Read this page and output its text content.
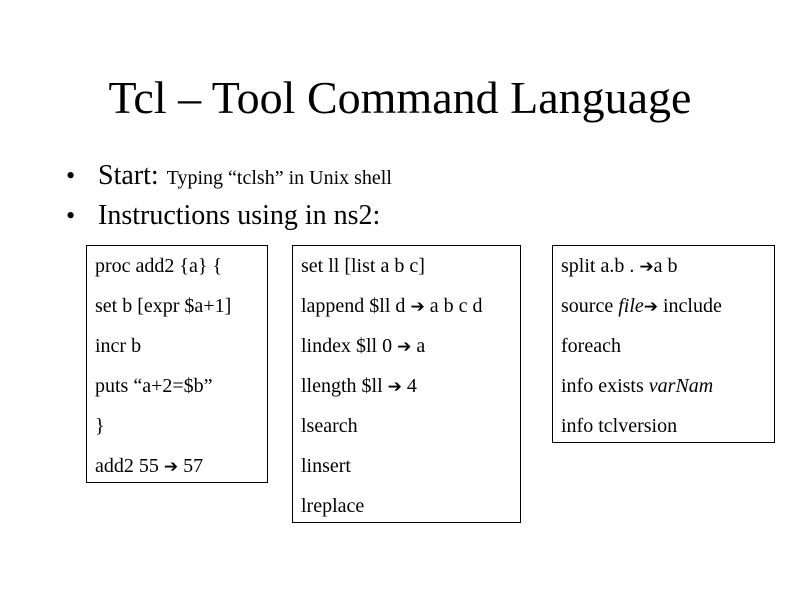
Tcl – Tool Command Language
• Start: Typing “tclsh” in Unix shell
• Instructions using in ns2:
proc add2 {a} {
set b [expr $a+1]
incr b
puts “a+2=$b”
}
add2 55 ➔ 57
set ll [list a b c]
lappend $ll d ➔ a b c d
lindex $ll 0 ➔ a
llength $ll ➔ 4
lsearch
linsert
lreplace
split a.b . ➔a b
source file➔ include
foreach
info exists varNam
info tclversion
